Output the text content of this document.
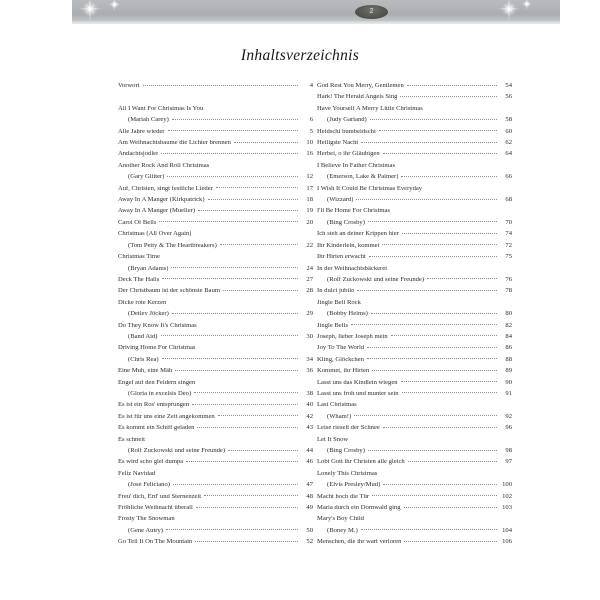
2
Inhaltsverzeichnis
Vorwort	4
All I Want For Christmas Is You
(Mariah Carey)	6
Alle Jahre wieder	5
Am Weihnachtsbaume die Lichter brennen	10
Andachtsjodler	16
Another Rock And Roll Christmas
(Gary Glitter)	12
Auf, Christen, singt festliche Lieder	17
Away In A Manger (Kirkpatrick)	18
Away In A Manger (Mueller)	19
Carol Of Bells	20
Christmas (All Over Again)
(Tom Petty & The Heartbreakers)	22
Christmas Time
(Bryan Adams)	24
Deck The Halls	27
Der Christbaum ist der schönste Baum	28
Dicke rote Kerzen
(Detlev Jöcker)	29
Do They Know It's Christmas
(Band Aid)	30
Driving Home For Christmas
(Chris Rea)	34
Eine Muh, eine Mäh	36
Engel auf den Feldern singen
(Gloria in excelsis Deo)	38
Es ist ein Ros' entsprungen	40
Es ist für uns eine Zeit angekommen	42
Es kommt ein Schiff geladen	43
Es schneit
(Rolf Zuckowski und seine Freunde)	44
Es wird scho glei dumpa	46
Feliz Navidad
(José Feliciano)	47
Freu' dich, Erd' und Sternenzelt	48
Fröhliche Weihnacht überall	49
Frosty The Snowman
(Gene Autry)	50
Go Tell It On The Mountain	52
God Rest You Merry, Gentlemen	54
Hark! The Herald Angels Sing	56
Have Yourself A Merry Little Christmas
(Judy Garland)	58
Heidschi bumbeidschi	60
Heiligste Nacht	62
Herbei, o ihr Gläubigen	64
I Believe In Father Christmas
(Emerson, Lake & Palmer)	66
I Wish It Could Be Christmas Everyday
(Wizzard)	68
I'll Be Home For Christmas
(Bing Crosby)	70
Ich steh an deiner Krippen hier	74
Ihr Kinderlein, kommet	72
Ihr Hirten erwacht	75
In der Weihnachtsbäckerei
(Rolf Zuckowski und seine Freunde)	76
In dulci jubilo	78
Jingle Bell Rock
(Bobby Helms)	80
Jingle Bells	82
Joseph, lieber Joseph mein	84
Joy To The World	86
Kling, Glöckchen	88
Kommet, ihr Hirten	89
Lasst uns das Kindlein wiegen	90
Lasst uns froh und munter sein	91
Last Christmas
(Wham!)	92
Leise rieselt der Schnee	96
Let It Snow
(Bing Crosby)	98
Lobt Gott ihr Christen alle gleich	97
Lonely This Christmas
(Elvis Presley/Mud)	100
Macht hoch die Tür	102
Maria durch ein Dornwald ging	103
Mary's Boy Child
(Boney M.)	104
Menschen, die ihr wart verloren	106
